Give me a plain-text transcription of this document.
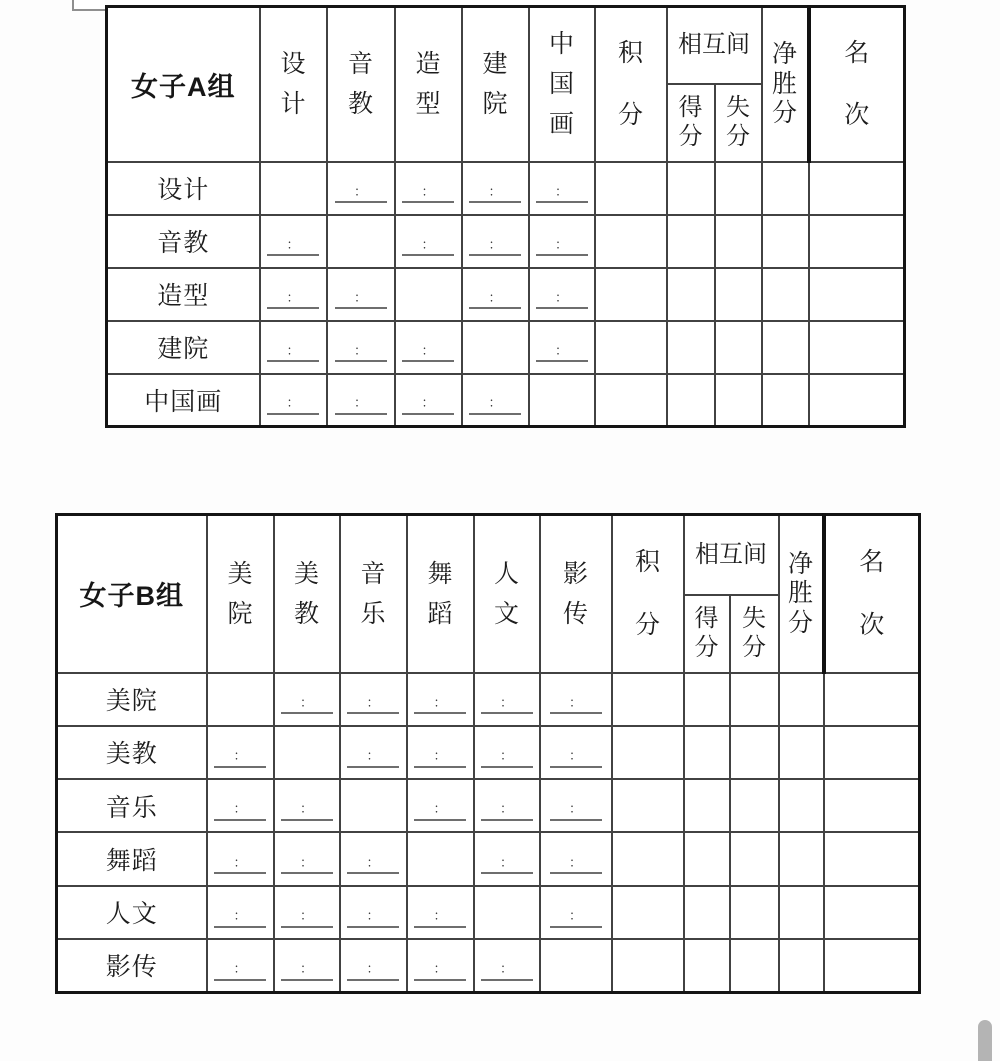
女子A组	设计	音教	造型	建院	中国画	积分	相互间		净胜分	名次
							得分	失分		

设计		：	：	：	：					

音教	：		：	：	：					

造型	：	：		：	：					

建院	：	：	：		：					

中国画	：	：	：	：						
女子B组	美院	美教	音乐	舞蹈	人文	影传	积分	相互间		净胜分	名次
								得分	失分		

美院		：	：	：	：	：					

美教	：		：	：	：	：					

音乐	：	：		：	：	：					

舞蹈	：	：	：		：	：					

人文	：	：	：	：		：					

影传	：	：	：	：	：						
